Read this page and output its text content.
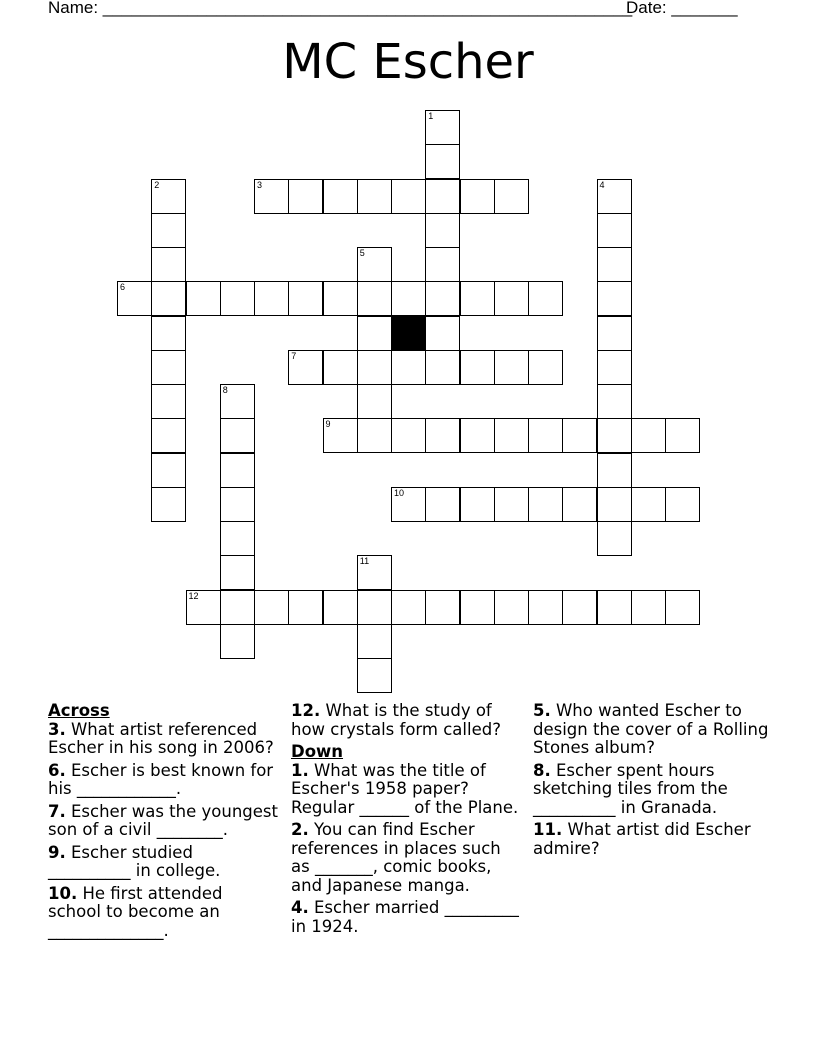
Name: ________________________________________________________
Date: _______
MC Escher
1
2	3	4
5
6
7
8
9
10
11
12
Across
3. What artist referenced Escher in his song in 2006?
6. Escher is best known for his ____________.
7. Escher was the youngest son of a civil ________.
9. Escher studied __________ in college.
10. He first attended school to become an ______________.
12. What is the study of how crystals form called?
Down
1. What was the title of Escher's 1958 paper? Regular ______ of the Plane.
2. You can find Escher references in places such as _______, comic books, and Japanese manga.
4. Escher married _________ in 1924.
5. Who wanted Escher to design the cover of a Rolling Stones album?
8. Escher spent hours sketching tiles from the __________ in Granada.
11. What artist did Escher admire?
